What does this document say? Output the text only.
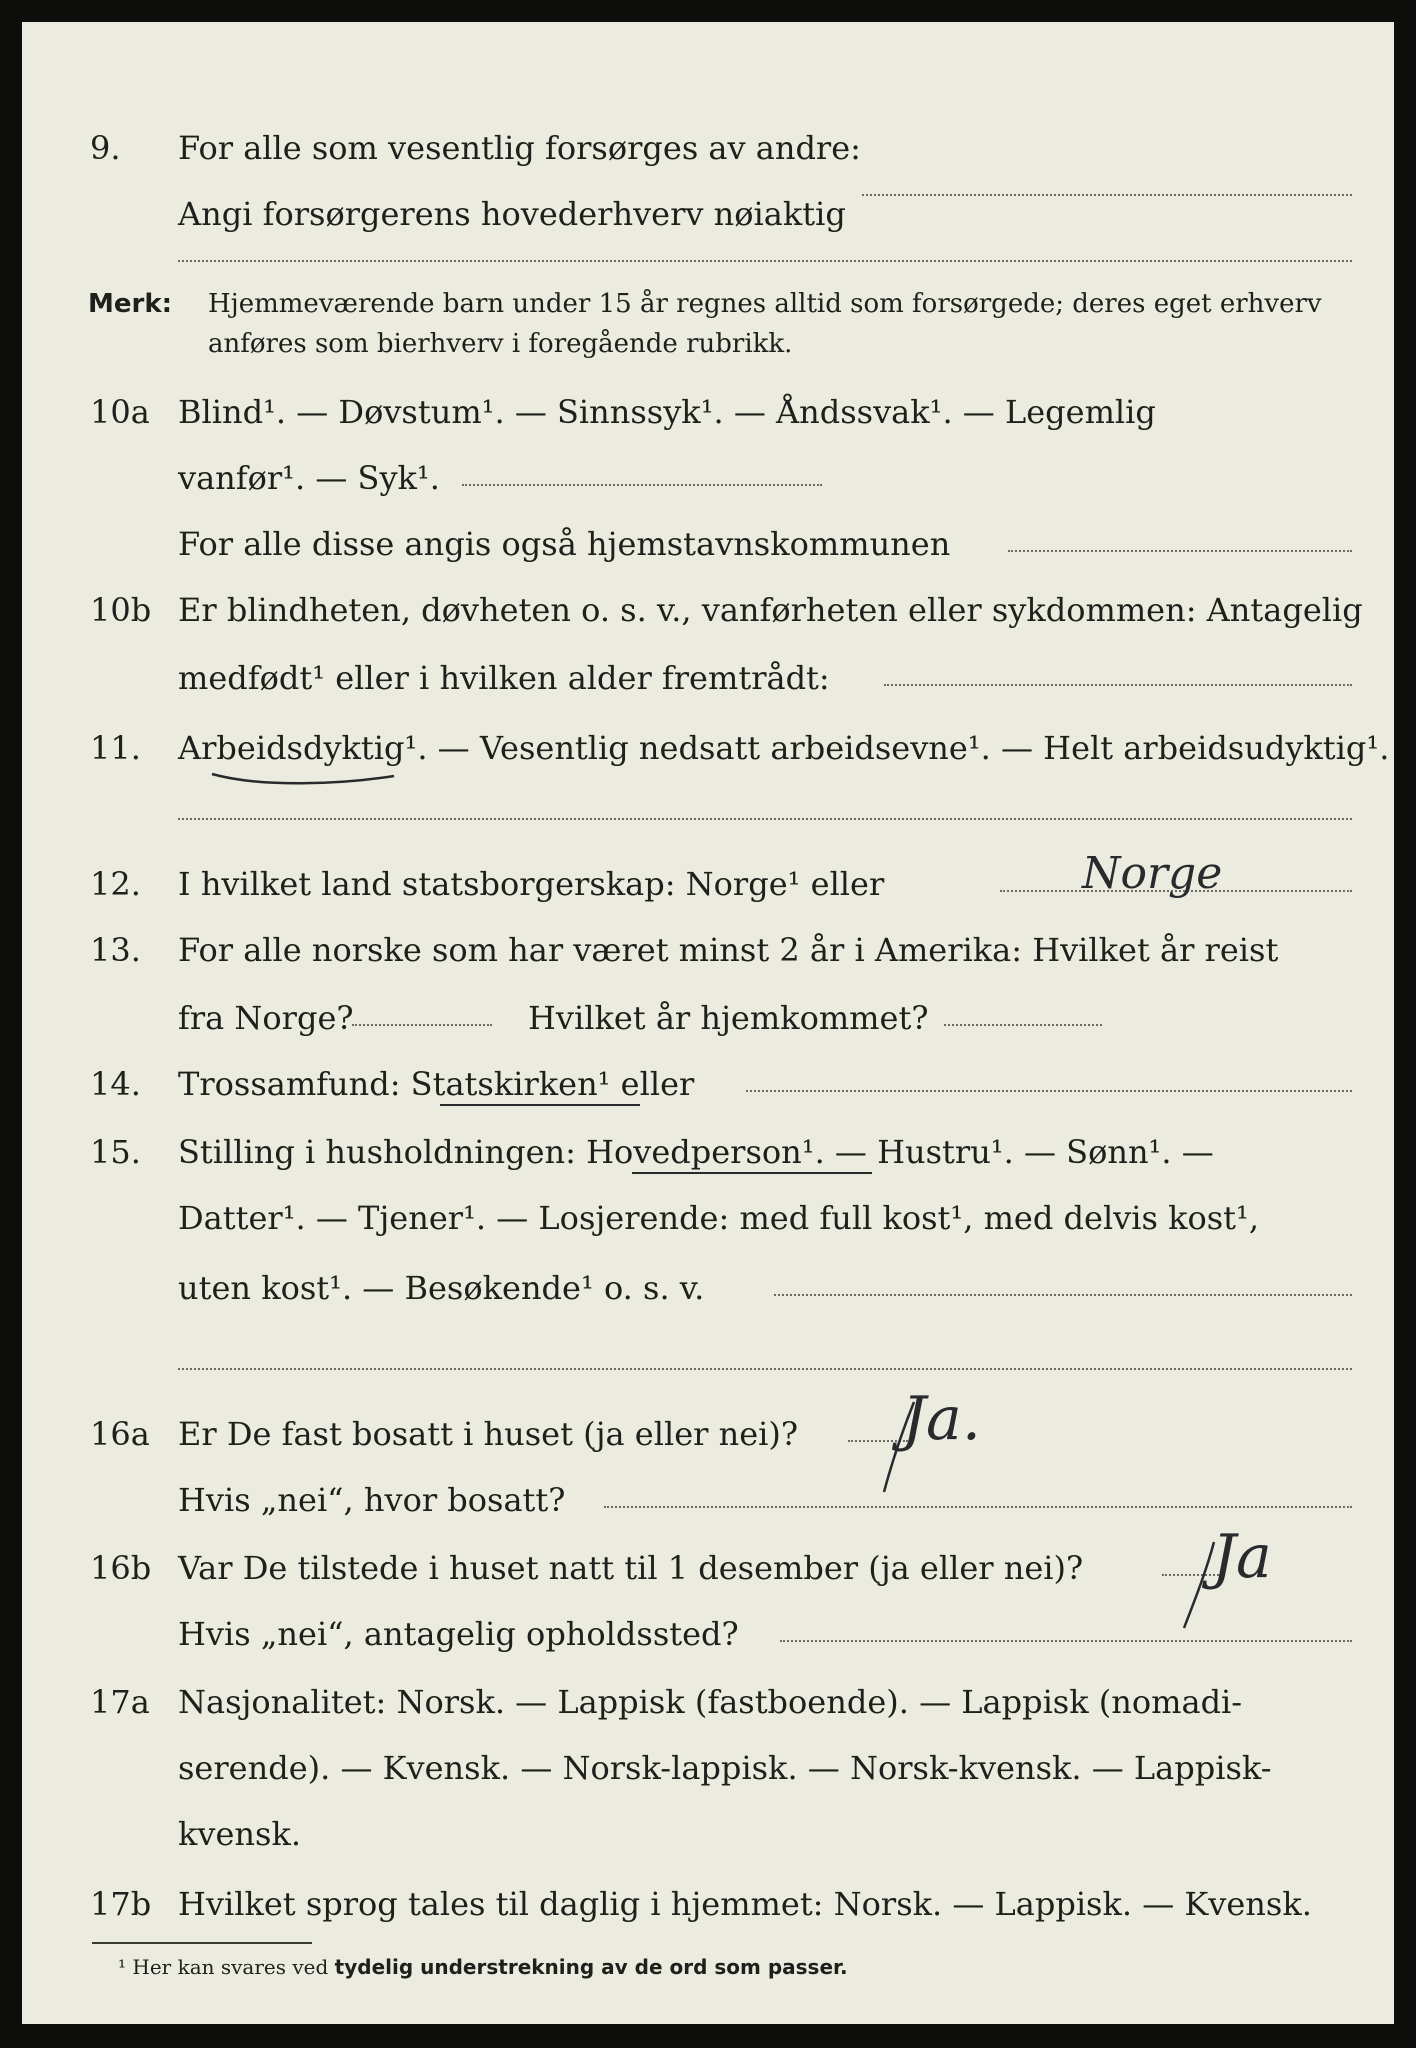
9. For alle som vesentlig forsørges av andre:
Angi forsørgerens hovederhverv nøiaktig
Merk: Hjemmeværende barn under 15 år regnes alltid som forsørgede; deres eget erhverv anføres som bierhverv i foregående rubrikk.
10a Blind¹. — Døvstum¹. — Sinnssyk¹. — Åndssvak¹. — Legemlig
vanfør¹. — Syk¹.
For alle disse angis også hjemstavnskommunen
10b Er blindheten, døvheten o. s. v., vanførheten eller sykdommen: Antagelig
medfødt¹ eller i hvilken alder fremtrådt:
11. Arbeidsdyktig¹. — Vesentlig nedsatt arbeidsevne¹. — Helt arbeidsudyktig¹.
12. I hvilket land statsborgerskap: Norge¹ eller	Norge
13. For alle norske som har været minst 2 år i Amerika: Hvilket år reist
fra Norge?	Hvilket år hjemkommet?
14. Trossamfund: Statskirken¹ eller
15. Stilling i husholdningen: Hovedperson¹. — Hustru¹. — Sønn¹. —
Datter¹. — Tjener¹. — Losjerende: med full kost¹, med delvis kost¹,
uten kost¹. — Besøkende¹ o. s. v.
16a Er De fast bosatt i huset (ja eller nei)? Ja.
Hvis „nei“, hvor bosatt?
16b Var De tilstede i huset natt til 1 desember (ja eller nei)? Ja
Hvis „nei“, antagelig opholdssted?
17a Nasjonalitet: Norsk. — Lappisk (fastboende). — Lappisk (nomadi-
serende). — Kvensk. — Norsk-lappisk. — Norsk-kvensk. — Lappisk-
kvensk.
17b Hvilket sprog tales til daglig i hjemmet: Norsk. — Lappisk. — Kvensk.
¹ Her kan svares ved tydelig understrekning av de ord som passer.
